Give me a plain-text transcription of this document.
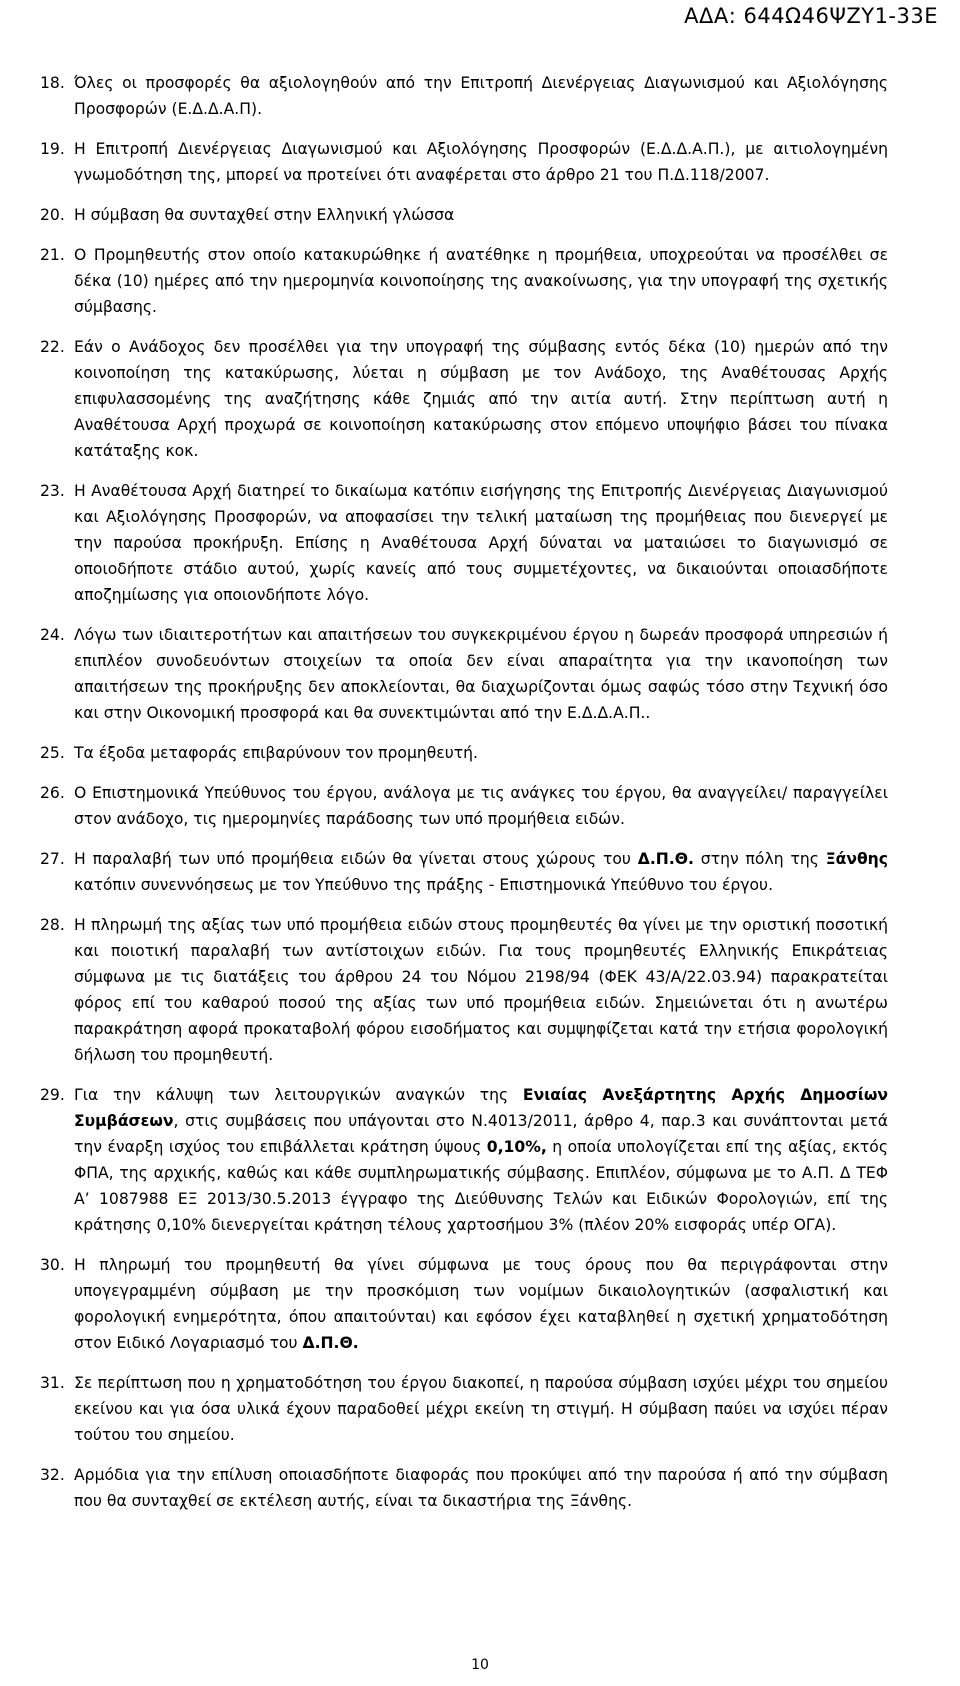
ΑΔΑ: 644Ω46ΨΖΥ1-33Ε
18. Όλες οι προσφορές θα αξιολογηθούν από την Επιτροπή Διενέργειας Διαγωνισμού και Αξιολόγησης Προσφορών (Ε.Δ.Δ.Α.Π).
19. Η Επιτροπή Διενέργειας Διαγωνισμού και Αξιολόγησης Προσφορών (Ε.Δ.Δ.Α.Π.), με αιτιολογημένη γνωμοδότηση της, μπορεί να προτείνει ότι αναφέρεται στο άρθρο 21 του Π.Δ.118/2007.
20. Η σύμβαση θα συνταχθεί στην Ελληνική γλώσσα
21. Ο Προμηθευτής στον οποίο κατακυρώθηκε ή ανατέθηκε η προμήθεια, υποχρεούται να προσέλθει σε δέκα (10) ημέρες από την ημερομηνία κοινοποίησης της ανακοίνωσης, για την υπογραφή της σχετικής σύμβασης.
22. Εάν ο Ανάδοχος δεν προσέλθει για την υπογραφή της σύμβασης εντός δέκα (10) ημερών από την κοινοποίηση της κατακύρωσης, λύεται η σύμβαση με τον Ανάδοχο, της Αναθέτουσας Αρχής επιφυλασσομένης της αναζήτησης κάθε ζημιάς από την αιτία αυτή. Στην περίπτωση αυτή η Αναθέτουσα Αρχή προχωρά σε κοινοποίηση κατακύρωσης στον επόμενο υποψήφιο βάσει του πίνακα κατάταξης κοκ.
23. Η Αναθέτουσα Αρχή διατηρεί το δικαίωμα κατόπιν εισήγησης της Επιτροπής Διενέργειας Διαγωνισμού και Αξιολόγησης Προσφορών, να αποφασίσει την τελική ματαίωση της προμήθειας που διενεργεί με την παρούσα προκήρυξη. Επίσης η Αναθέτουσα Αρχή δύναται να ματαιώσει το διαγωνισμό σε οποιοδήποτε στάδιο αυτού, χωρίς κανείς από τους συμμετέχοντες, να δικαιούνται οποιασδήποτε αποζημίωσης για οποιονδήποτε λόγο.
24. Λόγω των ιδιαιτεροτήτων και απαιτήσεων του συγκεκριμένου έργου η δωρεάν προσφορά υπηρεσιών ή επιπλέον συνοδευόντων στοιχείων τα οποία δεν είναι απαραίτητα για την ικανοποίηση των απαιτήσεων της προκήρυξης δεν αποκλείονται, θα διαχωρίζονται όμως σαφώς τόσο στην Τεχνική όσο και στην Οικονομική προσφορά και θα συνεκτιμώνται από την Ε.Δ.Δ.Α.Π..
25. Τα έξοδα μεταφοράς επιβαρύνουν τον προμηθευτή.
26. Ο Επιστημονικά Υπεύθυνος του έργου, ανάλογα με τις ανάγκες του έργου, θα αναγγείλει/ παραγγείλει στον ανάδοχο, τις ημερομηνίες παράδοσης των υπό προμήθεια ειδών.
27. Η παραλαβή των υπό προμήθεια ειδών θα γίνεται στους χώρους του Δ.Π.Θ. στην πόλη της Ξάνθης κατόπιν συνεννόησεως με τον Υπεύθυνο της πράξης - Επιστημονικά Υπεύθυνο του έργου.
28. Η πληρωμή της αξίας των υπό προμήθεια ειδών στους προμηθευτές θα γίνει με την οριστική ποσοτική και ποιοτική παραλαβή των αντίστοιχων ειδών. Για τους προμηθευτές Ελληνικής Επικράτειας σύμφωνα με τις διατάξεις του άρθρου 24 του Νόμου 2198/94 (ΦΕΚ 43/Α/22.03.94) παρακρατείται φόρος επί του καθαρού ποσού της αξίας των υπό προμήθεια ειδών. Σημειώνεται ότι η ανωτέρω παρακράτηση αφορά προκαταβολή φόρου εισοδήματος και συμψηφίζεται κατά την ετήσια φορολογική δήλωση του προμηθευτή.
29. Για την κάλυψη των λειτουργικών αναγκών της Ενιαίας Ανεξάρτητης Αρχής Δημοσίων Συμβάσεων, στις συμβάσεις που υπάγονται στο Ν.4013/2011, άρθρο 4, παρ.3 και συνάπτονται μετά την έναρξη ισχύος του επιβάλλεται κράτηση ύψους 0,10%, η οποία υπολογίζεται επί της αξίας, εκτός ΦΠΑ, της αρχικής, καθώς και κάθε συμπληρωματικής σύμβασης. Επιπλέον, σύμφωνα με το Α.Π. Δ ΤΕΦ Α’ 1087988 ΕΞ 2013/30.5.2013 έγγραφο της Διεύθυνσης Τελών και Ειδικών Φορολογιών, επί της κράτησης 0,10% διενεργείται κράτηση τέλους χαρτοσήμου 3% (πλέον 20% εισφοράς υπέρ ΟΓΑ).
30. Η πληρωμή του προμηθευτή θα γίνει σύμφωνα με τους όρους που θα περιγράφονται στην υπογεγραμμένη σύμβαση με την προσκόμιση των νομίμων δικαιολογητικών (ασφαλιστική και φορολογική ενημερότητα, όπου απαιτούνται) και εφόσον έχει καταβληθεί η σχετική χρηματοδότηση στον Ειδικό Λογαριασμό του Δ.Π.Θ.
31. Σε περίπτωση που η χρηματοδότηση του έργου διακοπεί, η παρούσα σύμβαση ισχύει μέχρι του σημείου εκείνου και για όσα υλικά έχουν παραδοθεί μέχρι εκείνη τη στιγμή. Η σύμβαση παύει να ισχύει πέραν τούτου του σημείου.
32. Αρμόδια για την επίλυση οποιασδήποτε διαφοράς που προκύψει από την παρούσα ή από την σύμβαση που θα συνταχθεί σε εκτέλεση αυτής, είναι τα δικαστήρια της Ξάνθης.
10
